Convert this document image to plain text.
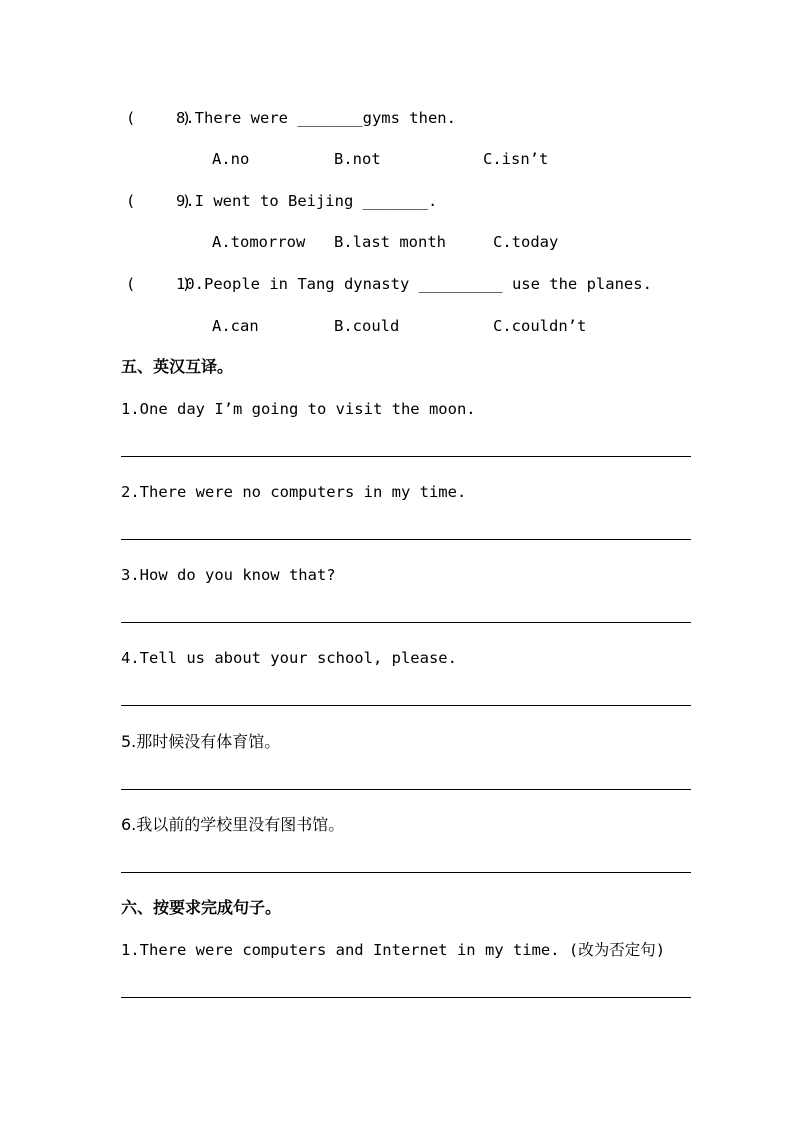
(     )
8.There were _______gyms then.
A.no	B.not	C.isn’t
(     )
9.I went to Beijing _______.
A.tomorrow B.last month	C.today
(     )
10.People in Tang dynasty _________ use the planes.
A.can	B.could	C.couldn’t
五、英汉互译。
1.One day I’m going to visit the moon.
2.There were no computers in my time.
3.How do you know that?
4.Tell us about your school, please.
5.那时候没有体育馆。
6.我以前的学校里没有图书馆。
六、按要求完成句子。
1.There were computers and Internet in my time. (改为否定句)
